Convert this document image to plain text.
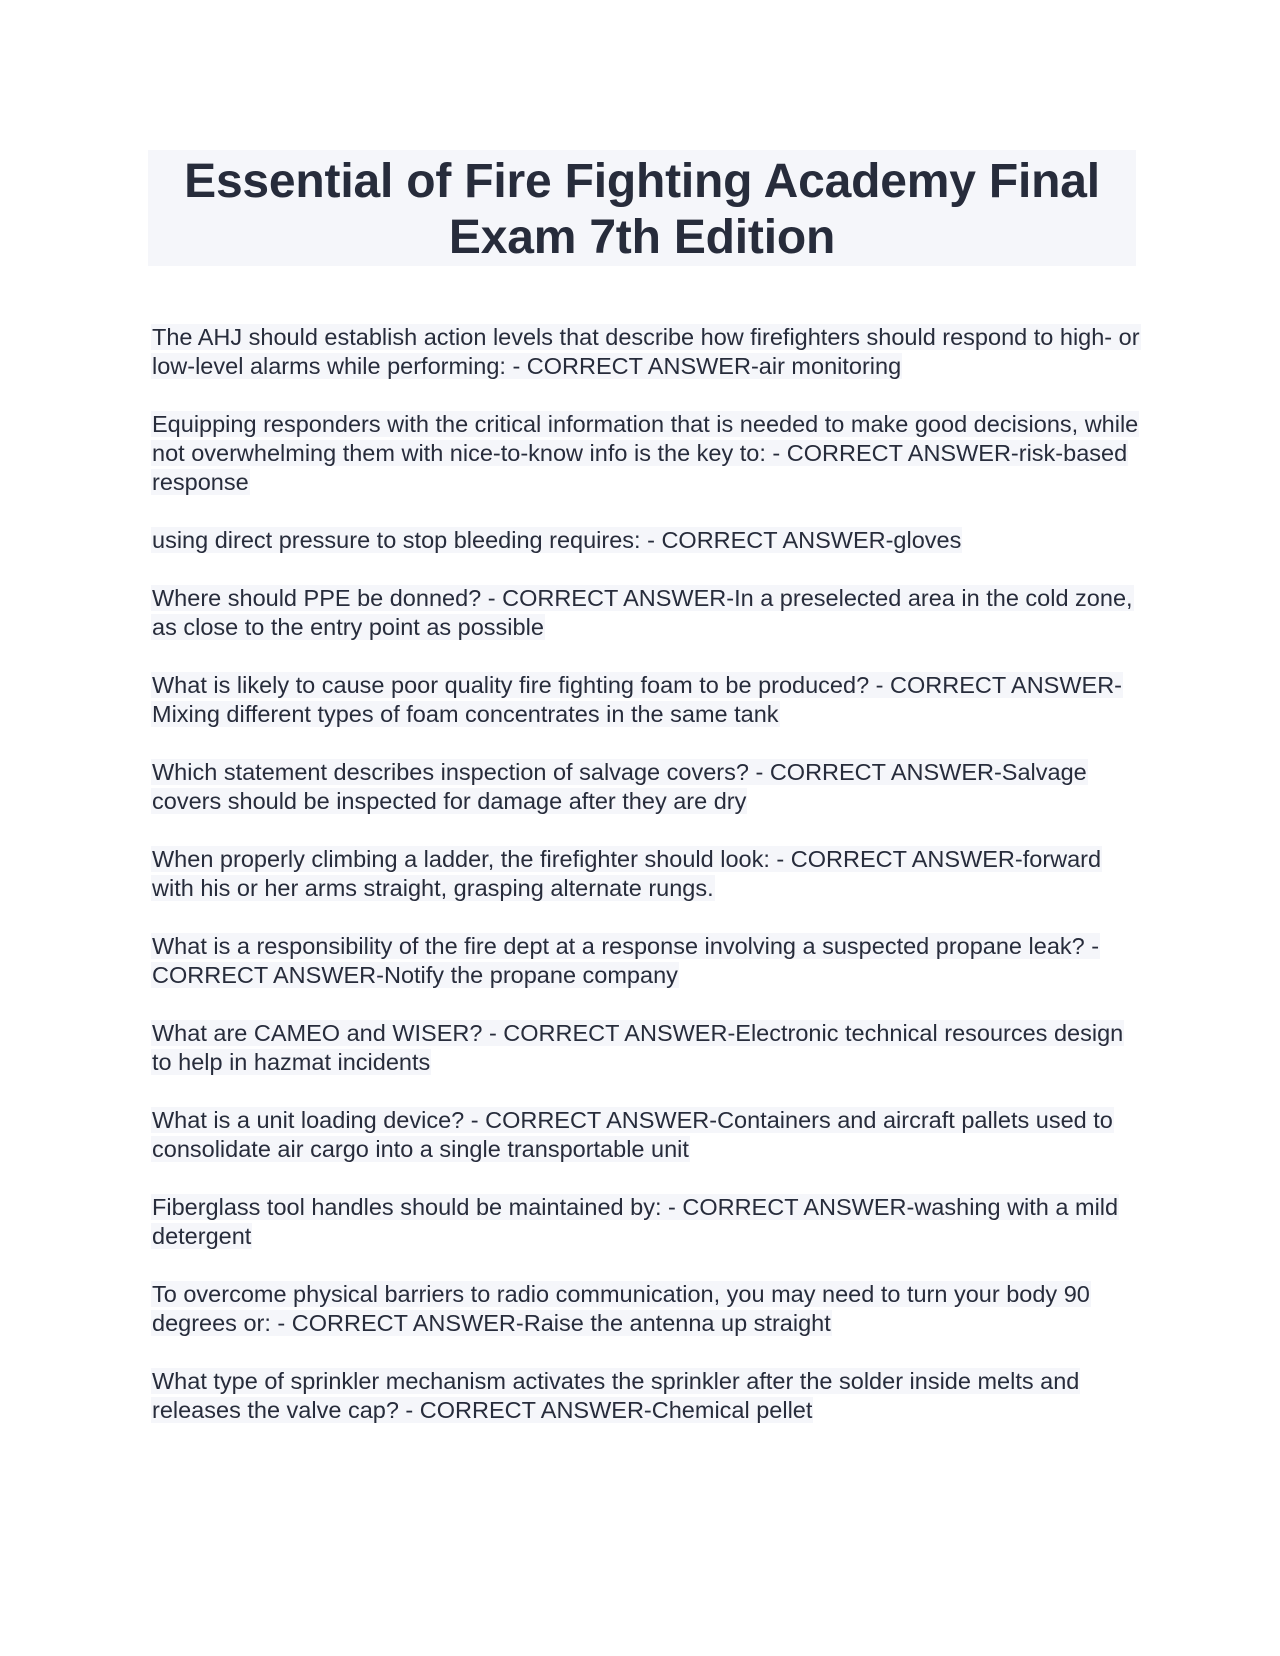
Essential of Fire Fighting Academy Final Exam 7th Edition

The AHJ should establish action levels that describe how firefighters should respond to high- or low-level alarms while performing: - CORRECT ANSWER-air monitoring

Equipping responders with the critical information that is needed to make good decisions, while not overwhelming them with nice-to-know info is the key to: - CORRECT ANSWER-risk-based response

using direct pressure to stop bleeding requires: - CORRECT ANSWER-gloves

Where should PPE be donned? - CORRECT ANSWER-In a preselected area in the cold zone, as close to the entry point as possible

What is likely to cause poor quality fire fighting foam to be produced? - CORRECT ANSWER-Mixing different types of foam concentrates in the same tank

Which statement describes inspection of salvage covers? - CORRECT ANSWER-Salvage covers should be inspected for damage after they are dry

When properly climbing a ladder, the firefighter should look: - CORRECT ANSWER-forward with his or her arms straight, grasping alternate rungs.

What is a responsibility of the fire dept at a response involving a suspected propane leak? - CORRECT ANSWER-Notify the propane company

What are CAMEO and WISER? - CORRECT ANSWER-Electronic technical resources design to help in hazmat incidents

What is a unit loading device? - CORRECT ANSWER-Containers and aircraft pallets used to consolidate air cargo into a single transportable unit

Fiberglass tool handles should be maintained by: - CORRECT ANSWER-washing with a mild detergent

To overcome physical barriers to radio communication, you may need to turn your body 90 degrees or: - CORRECT ANSWER-Raise the antenna up straight

What type of sprinkler mechanism activates the sprinkler after the solder inside melts and releases the valve cap? - CORRECT ANSWER-Chemical pellet
